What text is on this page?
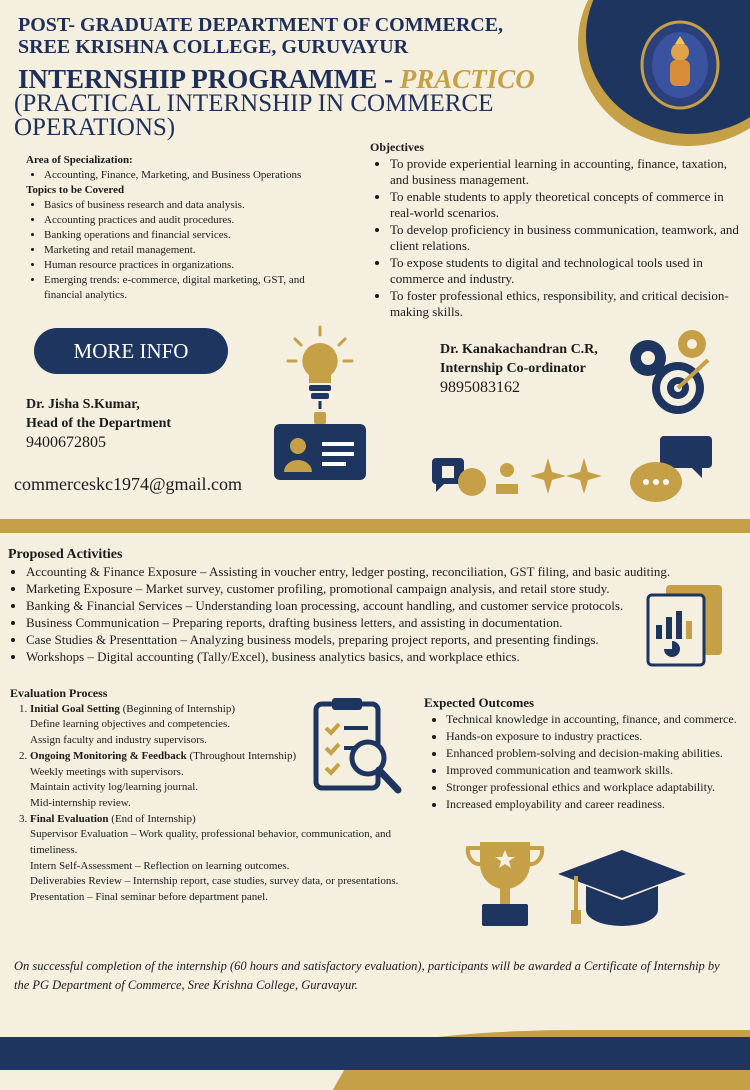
POST- GRADUATE DEPARTMENT OF COMMERCE,
SREE KRISHNA COLLEGE, GURUVAYUR
INTERNSHIP PROGRAMME - PRACTICO
(PRACTICAL INTERNSHIP IN COMMERCE OPERATIONS)
Area of Specialization:
• Accounting, Finance, Marketing, and Business Operations
Topics to be Covered
• Basics of business research and data analysis.
• Accounting practices and audit procedures.
• Banking operations and financial services.
• Marketing and retail management.
• Human resource practices in organizations.
• Emerging trends: e-commerce, digital marketing, GST, and financial analytics.
Objectives
• To provide experiential learning in accounting, finance, taxation, and business management.
• To enable students to apply theoretical concepts of commerce in real-world scenarios.
• To develop proficiency in business communication, teamwork, and client relations.
• To expose students to digital and technological tools used in commerce and industry.
• To foster professional ethics, responsibility, and critical decision-making skills.
MORE INFO
Dr. Jisha S.Kumar,
Head of the Department
9400672805
Dr. Kanakachandran C.R,
Internship Co-ordinator
9895083162
commerceskc1974@gmail.com
Proposed Activities
• Accounting & Finance Exposure – Assisting in voucher entry, ledger posting, reconciliation, GST filing, and basic auditing.
• Marketing Exposure – Market survey, customer profiling, promotional campaign analysis, and retail store study.
• Banking & Financial Services – Understanding loan processing, account handling, and customer service protocols.
• Business Communication – Preparing reports, drafting business letters, and assisting in documentation.
• Case Studies & Presenttation – Analyzing business models, preparing project reports, and presenting findings.
• Workshops – Digital accounting (Tally/Excel), business analytics basics, and workplace ethics.
Evaluation Process
1. Initial Goal Setting (Beginning of Internship)
Define learning objectives and competencies.
Assign faculty and industry supervisors.
2. Ongoing Monitoring & Feedback (Throughout Internship)
Weekly meetings with supervisors.
Maintain activity log/learning journal.
Mid-internship review.
3. Final Evaluation (End of Internship)
Supervisor Evaluation – Work quality, professional behavior, communication, and timeliness.
Intern Self-Assessment – Reflection on learning outcomes.
Deliverabies Review – Internship report, case studies, survey data, or presentations.
Presentation – Final seminar before department panel.
Expected Outcomes
• Technical knowledge in accounting, finance, and commerce.
• Hands-on exposure to industry practices.
• Enhanced problem-solving and decision-making abilities.
• Improved communication and teamwork skills.
• Stronger professional ethics and workplace adaptability.
• Increased employability and career readiness.
On successful completion of the internship (60 hours and satisfactory evaluation), participants will be awarded a Certificate of Internship by the PG Department of Commerce, Sree Krishna College, Guravayur.
